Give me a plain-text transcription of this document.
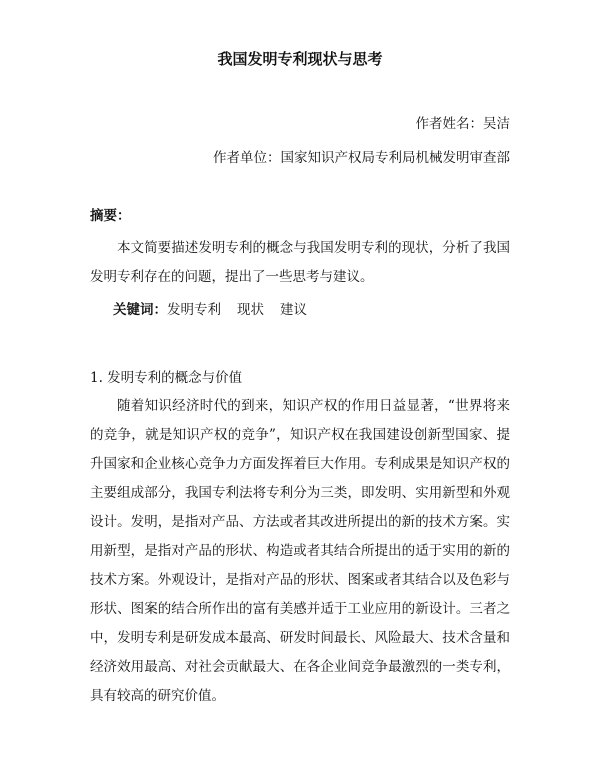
我国发明专利现状与思考

作者姓名：吴洁

作者单位：国家知识产权局专利局机械发明审查部

摘要：

本文简要描述发明专利的概念与我国发明专利的现状，分析了我国发明专利存在的问题，提出了一些思考与建议。

关键词：发明专利 现状 建议

1. 发明专利的概念与价值

随着知识经济时代的到来，知识产权的作用日益显著，“世界将来的竞争，就是知识产权的竞争”，知识产权在我国建设创新型国家、提升国家和企业核心竞争力方面发挥着巨大作用。专利成果是知识产权的主要组成部分，我国专利法将专利分为三类，即发明、实用新型和外观设计。发明，是指对产品、方法或者其改进所提出的新的技术方案。实用新型，是指对产品的形状、构造或者其结合所提出的适于实用的新的技术方案。外观设计，是指对产品的形状、图案或者其结合以及色彩与形状、图案的结合所作出的富有美感并适于工业应用的新设计。三者之中，发明专利是研发成本最高、研发时间最长、风险最大、技术含量和经济效用最高、对社会贡献最大、在各企业间竞争最激烈的一类专利，具有较高的研究价值。
